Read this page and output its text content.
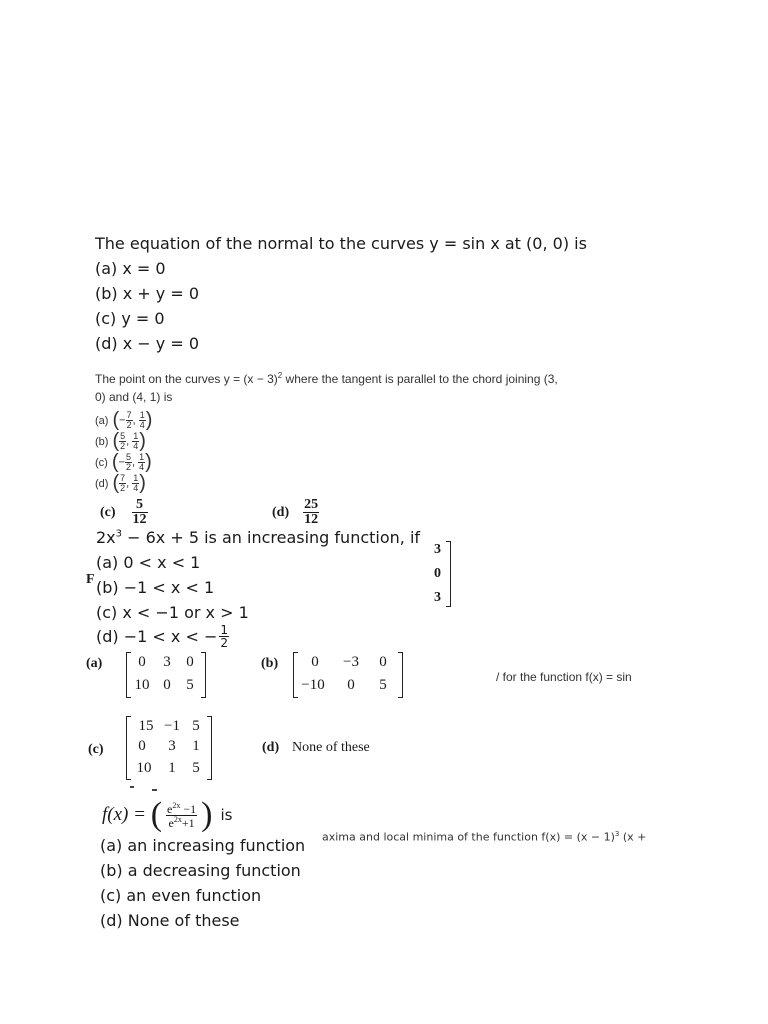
The equation of the normal to the curves y = sin x at (0, 0) is
(a) x = 0
(b) x + y = 0
(c) y = 0
(d) x − y = 0
The point on the curves $y = (x - 3)^2$ where the tangent is parallel to the chord joining (3,
0) and (4, 1) is
(a) (− $\frac{7}{2}$ , $\frac{1}{4}$ )
(b) ( $\frac{5}{2}$ , $\frac{1}{4}$ )
(c) (− $\frac{5}{2}$ , $\frac{1}{4}$ )
(d) ( $\frac{7}{2}$ , $\frac{1}{4}$ )
$(c) \frac{5}{12}$	$(d) \frac{25}{12}$
$2x^3 - 6x + 5$ is an increasing function, if
(a) 0 < x < 1
(b) −1 < x < 1
(c) x < −1 or x > 1
(d) −1 < x < − $\frac{1}{2}$
F
3
0
3
(a)	0	3	0
10 0	5
(b)	0	−3	0
−10	0	5	/ for the function f(x) = sin
(c)
15 −1 5
0	3	1
10	1	5
(d) None of these
axima and local minima of the function $f(x) = (x - 1)^3$ (x +
f(x) = ( $\frac{e^{2x} -1}{e^{2x}+1}$ ) is
(a) an increasing function
(b) a decreasing function
(c) an even function
(d) None of these
